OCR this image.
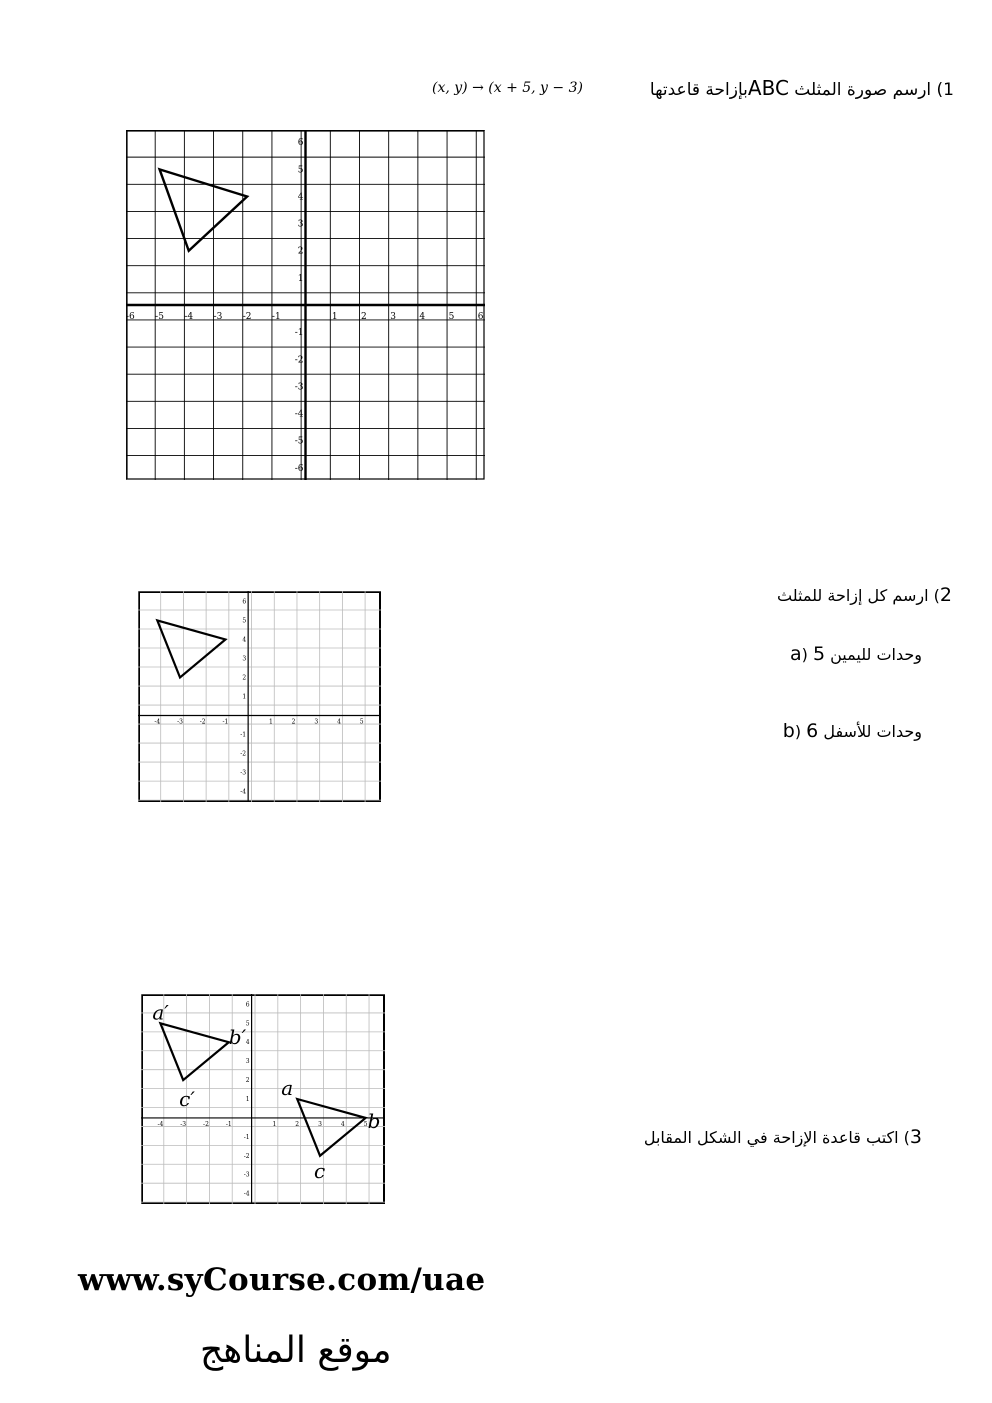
1) ارسم صورة المثلث ABCبإزاحة قاعدتها
(x, y) → (x + 5, y − 3)
-6 -5 -4 -3 -2 -1	1	2	3	4	5	6
6
5
4
3
2
1
-1
-2
-3
-4
-5
-6
2) ارسم كل إزاحة للمثلث
a) 5 وحدات لليمين
b) 6 وحدات للأسفل
-4	-3	-2	-1	1	2	3	4	5
6
5
4
3
2
1
-1
-2
-3
-4
-4	-3	-2	-1	1	2	3	4	5
6
5
4
3
2
1
-1
-2
-3
-4
a′
b′
c′	a
b
c
3) اكتب قاعدة الإزاحة في الشكل المقابل
www.syCourse.com/uae
موقع المناهج
